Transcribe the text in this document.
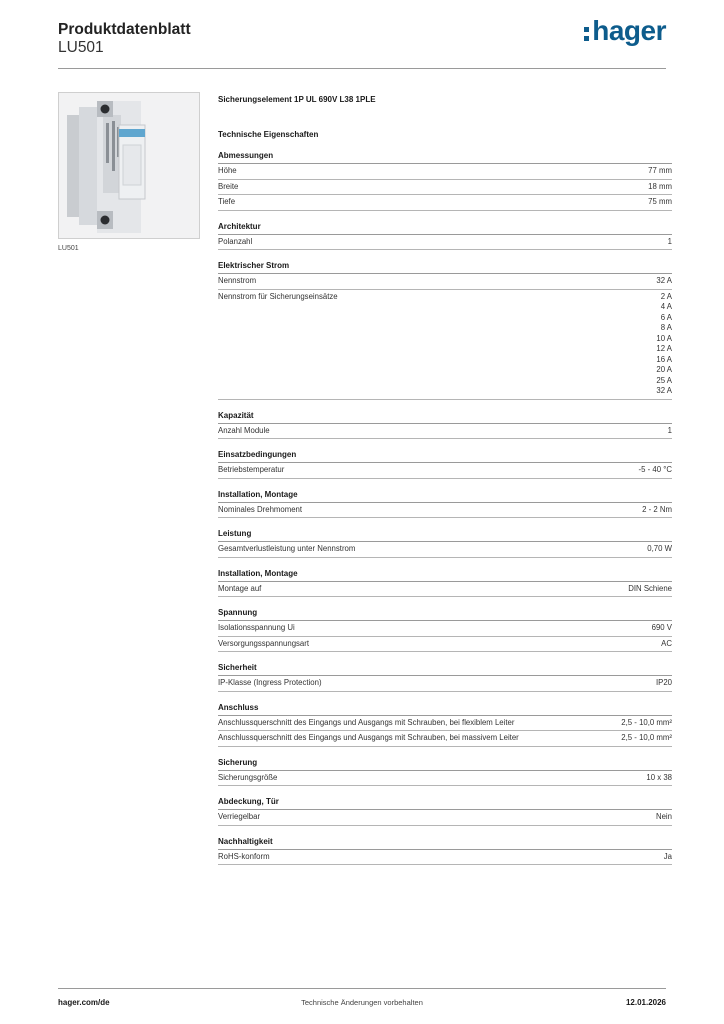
Produktdatenblatt
LU501
hager
LU501
Sicherungselement 1P UL 690V L38 1PLE
Technische Eigenschaften
Abmessungen
Höhe	77 mm
Breite	18 mm
Tiefe	75 mm
Architektur
Polanzahl	1
Elektrischer Strom
Nennstrom	32 A
Nennstrom für Sicherungseinsätze	2 A
4 A
6 A
8 A
10 A
12 A
16 A
20 A
25 A
32 A
Kapazität
Anzahl Module	1
Einsatzbedingungen
Betriebstemperatur	-5 - 40 °C
Installation, Montage
Nominales Drehmoment	2 - 2 Nm
Leistung
Gesamtverlustleistung unter Nennstrom	0,70 W
Installation, Montage
Montage auf	DIN Schiene
Spannung
Isolationsspannung Ui	690 V
Versorgungsspannungsart	AC
Sicherheit
IP-Klasse (Ingress Protection)	IP20
Anschluss
Anschlussquerschnitt des Eingangs und Ausgangs mit Schrauben, bei flexiblem Leiter	2,5 - 10,0 mm²
Anschlussquerschnitt des Eingangs und Ausgangs mit Schrauben, bei massivem Leiter	2,5 - 10,0 mm²
Sicherung
Sicherungsgröße	10 x 38
Abdeckung, Tür
Verriegelbar	Nein
Nachhaltigkeit
RoHS-konform	Ja
hager.com/de	Technische Änderungen vorbehalten	12.01.2026
